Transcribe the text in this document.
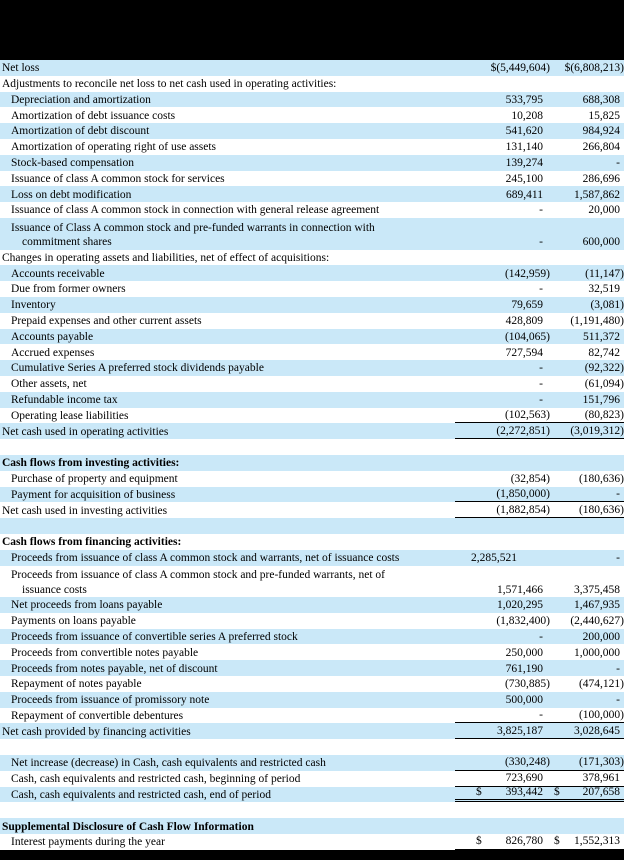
Net loss	$(5,449,604) $(6,808,213)
Adjustments to reconcile net loss to net cash used in operating activities:
Depreciation and amortization	533,795	688,308
Amortization of debt issuance costs	10,208	15,825
Amortization of debt discount	541,620	984,924
Amortization of operating right of use assets	131,140	266,804
Stock-based compensation	139,274	-
Issuance of class A common stock for services	245,100	286,696
Loss on debt modification	689,411	1,587,862
Issuance of class A common stock in connection with general release agreement	-	20,000
Issuance of Class A common stock and pre-funded warrants in connection with
commitment shares	-	600,000
Changes in operating assets and liabilities, net of effect of acquisitions:
Accounts receivable	(142,959)	(11,147)
Due from former owners	-	32,519
Inventory	79,659	(3,081)
Prepaid expenses and other current assets	428,809	(1,191,480)
Accounts payable	(104,065)	511,372
Accrued expenses	727,594	82,742
Cumulative Series A preferred stock dividends payable	-	(92,322)
Other assets, net	-	(61,094)
Refundable income tax	-	151,796
Operating lease liabilities	(102,563)	(80,823)
Net cash used in operating activities	(2,272,851) (3,019,312)
Cash flows from investing activities:
Purchase of property and equipment	(32,854)	(180,636)
Payment for acquisition of business	(1,850,000)	-
Net cash used in investing activities	(1,882,854)	(180,636)
Cash flows from financing activities:
Proceeds from issuance of class A common stock and warrants, net of issuance costs	2,285,521	-
Proceeds from issuance of class A common stock and pre-funded warrants, net of
issuance costs	1,571,466	3,375,458
Net proceeds from loans payable	1,020,295	1,467,935
Payments on loans payable	(1,832,400) (2,440,627)
Proceeds from issuance of convertible series A preferred stock	-	200,000
Proceeds from convertible notes payable	250,000	1,000,000
Proceeds from notes payable, net of discount	761,190	-
Repayment of notes payable	(730,885)	(474,121)
Proceeds from issuance of promissory note	500,000	-
Repayment of convertible debentures	-	(100,000)
Net cash provided by financing activities	3,825,187	3,028,645
Net increase (decrease) in Cash, cash equivalents and restricted cash	(330,248)	(171,303)
Cash, cash equivalents and restricted cash, beginning of period	723,690	378,961
Cash, cash equivalents and restricted cash, end of period	$ 393,442 $ 207,658
Supplemental Disclosure of Cash Flow Information
Interest payments during the year	$ 826,780 $ 1,552,313
